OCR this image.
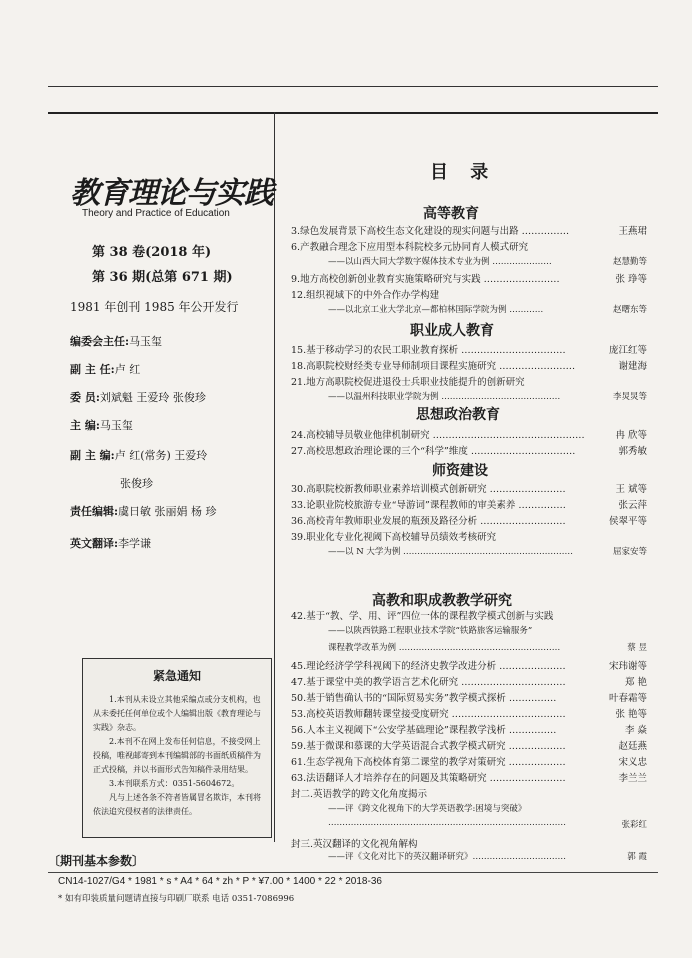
教育理论与实践
Theory and Practice of Education
第 38 卷(2018 年)
第 36 期(总第 671 期)
1981 年创刊 1985 年公开发行
编委会主任:马玉玺
副 主 任:卢 红
委 员:刘斌魁 王爱玲 张俊珍
主 编:马玉玺
副 主 编:卢 红(常务) 王爱玲
张俊珍
责任编辑:虞日敏 张丽娟 杨 珍
英文翻译:李学谦
紧急通知
1.本刊从未设立其他采编点或分支机构，也从未委托任何单位或个人编辑出版《教育理论与实践》杂志。
2.本刊不在网上发布任何信息，不接受网上投稿，唯视邮寄到本刊编辑部的书面纸质稿件为正式投稿，并以书面形式告知稿件录用结果。
3.本刊联系方式：0351-5604672。
凡与上述各条不符者皆属冒名欺诈，本刊将依法追究侵权者的法律责任。
目 录
高等教育
职业成人教育
思想政治教育
师资建设
高教和职成教教学研究
3.绿色发展背景下高校生态文化建设的现实问题与出路 ……………	王燕珺
6.产教融合理念下应用型本科院校多元协同育人模式研究
——以山西大同大学数字媒体技术专业为例 …………………	赵慧勤等
9.地方高校创新创业教育实施策略研究与实践 ……………………	张 琤等
12.组织视域下的中外合作办学构建
——以北京工业大学北京—都柏林国际学院为例 …………	赵曙东等
15.基于移动学习的农民工职业教育探析 ……………………………	庞江红等
18.高职院校财经类专业导师制项目课程实施研究 ……………………	谢建海
21.地方高职院校促进退役士兵职业技能提升的创新研究
——以温州科技职业学院为例 ……………………………………	李炅炅等
24.高校辅导员敬业他律机制研究 …………………………………………	冉 欣等
27.高校思想政治理论课的三个“科学”维度 ……………………………	郭秀敏
30.高职院校新教师职业素养培训模式创新研究 ……………………	王 斌等
33.论职业院校旅游专业“导游词”课程教师的审美素养 ……………	张云萍
36.高校青年教师职业发展的瓶颈及路径分析 ………………………	侯翠平等
39.职业化专业化视阈下高校辅导员绩效考核研究
——以 N 大学为例 ……………………………………………………	屈家安等
42.基于“教、学、用、评”四位一体的课程教学模式创新与实践
——以陕西铁路工程职业技术学院“铁路旅客运输服务”
课程教学改革为例 …………………………………………………	蔡 昱
45.理论经济学学科视阈下的经济史教学改进分析 …………………	宋玮谢等
47.基于课堂中美的教学语言艺术化研究 ……………………………	郑 艳
50.基于销售确认书的“国际贸易实务”教学模式探析 ……………	叶春霜等
53.高校英语教师翻转课堂接受度研究 ………………………………	张 艳等
56.人本主义视阈下“公安学基础理论”课程教学浅析 ……………	李 焱
59.基于微课和慕课的大学英语混合式教学模式研究 ………………	赵廷燕
61.生态学视角下高校体育第二课堂的教学对策研究 ………………	宋义忠
63.法语翻译人才培养存在的问题及其策略研究 ……………………	李兰兰
封二.英语教学的跨文化角度揭示
——评《跨文化视角下的大学英语教学:困境与突破》
…………………………………………………………………………	张彩红
封三.英汉翻译的文化视角解构
——评《文化对比下的英汉翻译研究》……………………………	郭 霞
〔期刊基本参数〕
CN14-1027/G4 * 1981 * s * A4 * 64 * zh * P * ¥7.00 * 1400 * 22 * 2018-36
* 如有印装质量问题请直接与印刷厂联系 电话 0351-7086996
